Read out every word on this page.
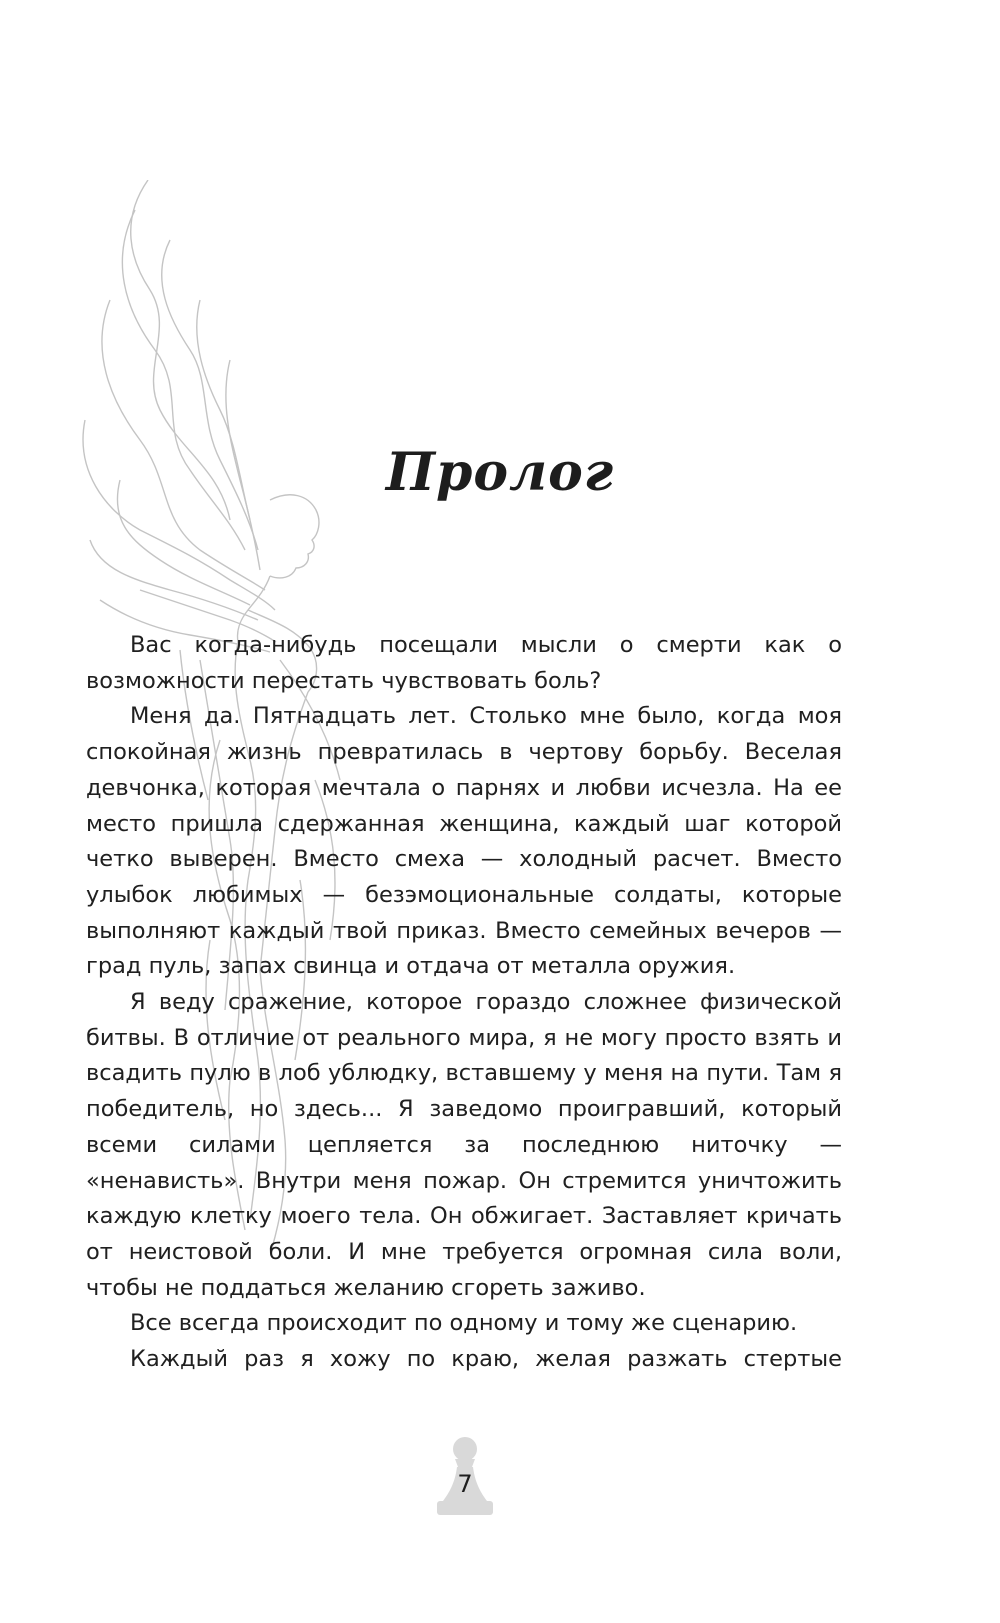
Пролог

Вас когда-нибудь посещали мысли о смерти как о возможности перестать чувствовать боль?

Меня да. Пятнадцать лет. Столько мне было, когда моя спокойная жизнь превратилась в чертову борьбу. Веселая девчонка, которая мечтала о парнях и любви исчезла. На ее место пришла сдержанная женщина, каждый шаг которой четко выверен. Вместо смеха — холодный расчет. Вместо улыбок любимых — безэмоциональные солдаты, которые выполняют каждый твой приказ. Вместо семейных вечеров — град пуль, запах свинца и отдача от металла оружия.

Я веду сражение, которое гораздо сложнее физической битвы. В отличие от реального мира, я не могу просто взять и всадить пулю в лоб ублюдку, вставшему у меня на пути. Там я победитель, но здесь... Я заведомо проигравший, который всеми силами цепляется за последнюю ниточку — «ненависть». Внутри меня пожар. Он стремится уничтожить каждую клетку моего тела. Он обжигает. Заставляет кричать от неистовой боли. И мне требуется огромная сила воли, чтобы не поддаться желанию сгореть заживо.

Все всегда происходит по одному и тому же сценарию.

Каждый раз я хожу по краю, желая разжать стертые

7
